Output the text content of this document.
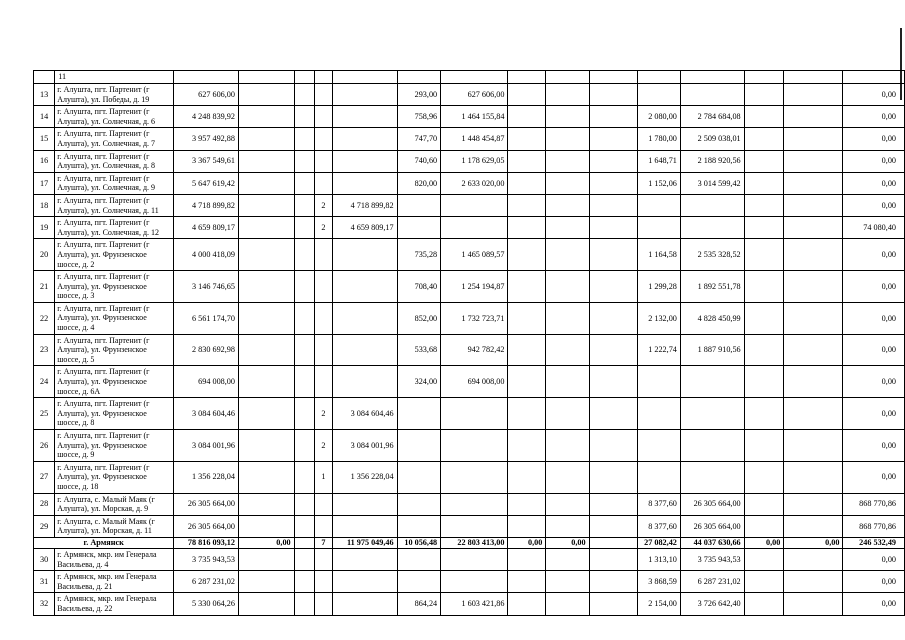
	11															
13	г. Алушта, пгт. Партенит (г Алушта), ул. Победы, д. 19	627 606,00					293,00	627 606,00								0,00
14	г. Алушта, пгт. Партенит (г Алушта), ул. Солнечная, д. 6	4 248 839,92					758,96	1 464 155,84				2 080,00	2 784 684,08			0,00
15	г. Алушта, пгт. Партенит (г Алушта), ул. Солнечная, д. 7	3 957 492,88					747,70	1 448 454,87				1 780,00	2 509 038,01			0,00
16	г. Алушта, пгт. Партенит (г Алушта), ул. Солнечная, д. 8	3 367 549,61					740,60	1 178 629,05				1 648,71	2 188 920,56			0,00
17	г. Алушта, пгт. Партенит (г Алушта), ул. Солнечная, д. 9	5 647 619,42					820,00	2 633 020,00				1 152,06	3 014 599,42			0,00
18	г. Алушта, пгт. Партенит (г Алушта), ул. Солнечная, д. 11	4 718 899,82			2	4 718 899,82										0,00
19	г. Алушта, пгт. Партенит (г Алушта), ул. Солнечная, д. 12	4 659 809,17			2	4 659 809,17										74 080,40
20	г. Алушта, пгт. Партенит (г Алушта), ул. Фрунзенское шоссе, д. 2	4 000 418,09					735,28	1 465 089,57				1 164,58	2 535 328,52			0,00
21	г. Алушта, пгт. Партенит (г Алушта), ул. Фрунзенское шоссе, д. 3	3 146 746,65					708,40	1 254 194,87				1 299,28	1 892 551,78			0,00
22	г. Алушта, пгт. Партенит (г Алушта), ул. Фрунзенское шоссе, д. 4	6 561 174,70					852,00	1 732 723,71				2 132,00	4 828 450,99			0,00
23	г. Алушта, пгт. Партенит (г Алушта), ул. Фрунзенское шоссе, д. 5	2 830 692,98					533,68	942 782,42				1 222,74	1 887 910,56			0,00
24	г. Алушта, пгт. Партенит (г Алушта), ул. Фрунзенское шоссе, д. 6А	694 008,00					324,00	694 008,00								0,00
25	г. Алушта, пгт. Партенит (г Алушта), ул. Фрунзенское шоссе, д. 8	3 084 604,46			2	3 084 604,46										0,00
26	г. Алушта, пгт. Партенит (г Алушта), ул. Фрунзенское шоссе, д. 9	3 084 001,96			2	3 084 001,96										0,00
27	г. Алушта, пгт. Партенит (г Алушта), ул. Фрунзенское шоссе, д. 18	1 356 228,04			1	1 356 228,04										0,00
28	г. Алушта, с. Малый Маяк (г Алушта), ул. Морская, д. 9	26 305 664,00										8 377,60	26 305 664,00			868 770,86
29	г. Алушта, с. Малый Маяк (г Алушта), ул. Морская, д. 11	26 305 664,00										8 377,60	26 305 664,00			868 770,86
г. Армянск		78 816 093,12	0,00		7	11 975 049,46	10 056,48	22 803 413,00	0,00	0,00		27 082,42	44 037 630,66	0,00	0,00	246 532,49
30	г. Армянск, мкр. им Генерала Васильева, д. 4	3 735 943,53										1 313,10	3 735 943,53			0,00
31	г. Армянск, мкр. им Генерала Васильева, д. 21	6 287 231,02										3 868,59	6 287 231,02			0,00
32	г. Армянск, мкр. им Генерала Васильева, д. 22	5 330 064,26					864,24	1 603 421,86				2 154,00	3 726 642,40			0,00
